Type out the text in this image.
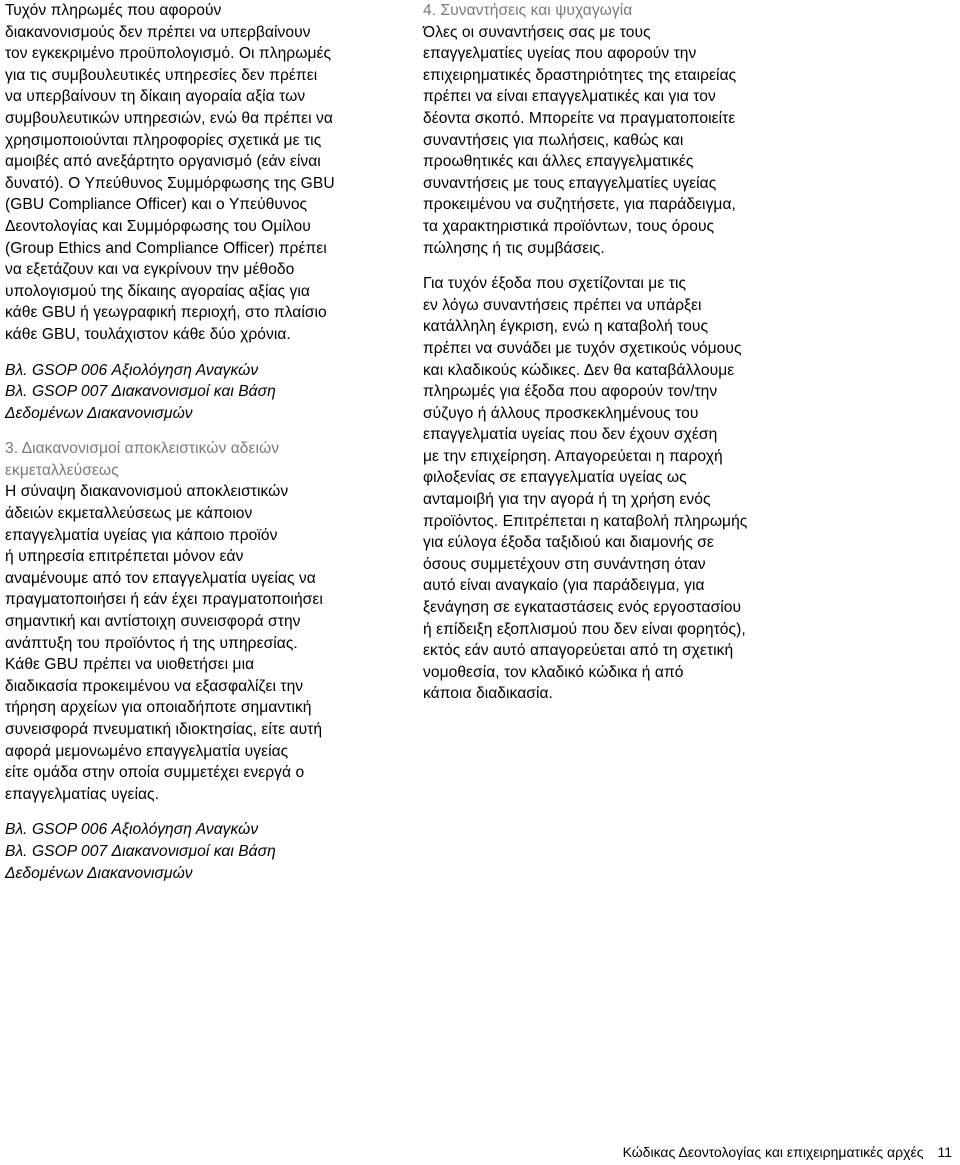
Τυχόν πληρωμές που αφορούν
διακανονισμούς δεν πρέπει να υπερβαίνουν
τον εγκεκριμένο προϋπολογισμό. Οι πληρωμές
για τις συμβουλευτικές υπηρεσίες δεν πρέπει
να υπερβαίνουν τη δίκαιη αγοραία αξία των
συμβουλευτικών υπηρεσιών, ενώ θα πρέπει να
χρησιμοποιούνται πληροφορίες σχετικά με τις
αμοιβές από ανεξάρτητο οργανισμό (εάν είναι
δυνατό). Ο Υπεύθυνος Συμμόρφωσης της GBU
(GBU Compliance Officer) και ο Υπεύθυνος
Δεοντολογίας και Συμμόρφωσης του Ομίλου
(Group Ethics and Compliance Officer) πρέπει
να εξετάζουν και να εγκρίνουν την μέθοδο
υπολογισμού της δίκαιης αγοραίας αξίας για
κάθε GBU ή γεωγραφική περιοχή, στο πλαίσιο
κάθε GBU, τουλάχιστον κάθε δύο χρόνια.
Βλ. GSOP 006 Αξιολόγηση Αναγκών
Βλ. GSOP 007 Διακανονισμοί και Βάση
Δεδομένων Διακανονισμών
3. Διακανονισμοί αποκλειστικών αδειών
εκμεταλλεύσεως
Η σύναψη διακανονισμού αποκλειστικών
άδειών εκμεταλλεύσεως με κάποιον
επαγγελματία υγείας για κάποιο προϊόν
ή υπηρεσία επιτρέπεται μόνον εάν
αναμένουμε από τον επαγγελματία υγείας να
πραγματοποιήσει ή εάν έχει πραγματοποιήσει
σημαντική και αντίστοιχη συνεισφορά στην
ανάπτυξη του προϊόντος ή της υπηρεσίας.
Κάθε GBU πρέπει να υιοθετήσει μια
διαδικασία προκειμένου να εξασφαλίζει την
τήρηση αρχείων για οποιαδήποτε σημαντική
συνεισφορά πνευματική ιδιοκτησίας, είτε αυτή
αφορά μεμονωμένο επαγγελματία υγείας
είτε ομάδα στην οποία συμμετέχει ενεργά ο
επαγγελματίας υγείας.
Βλ. GSOP 006 Αξιολόγηση Αναγκών
Βλ. GSOP 007 Διακανονισμοί και Βάση
Δεδομένων Διακανονισμών
4. Συναντήσεις και ψυχαγωγία
Όλες οι συναντήσεις σας με τους
επαγγελματίες υγείας που αφορούν την
επιχειρηματικές δραστηριότητες της εταιρείας
πρέπει να είναι επαγγελματικές και για τον
δέοντα σκοπό. Μπορείτε να πραγματοποιείτε
συναντήσεις για πωλήσεις, καθώς και
προωθητικές και άλλες επαγγελματικές
συναντήσεις με τους επαγγελματίες υγείας
προκειμένου να συζητήσετε, για παράδειγμα,
τα χαρακτηριστικά προϊόντων, τους όρους
πώλησης ή τις συμβάσεις.
Για τυχόν έξοδα που σχετίζονται με τις
εν λόγω συναντήσεις πρέπει να υπάρξει
κατάλληλη έγκριση, ενώ η καταβολή τους
πρέπει να συνάδει με τυχόν σχετικούς νόμους
και κλαδικούς κώδικες. Δεν θα καταβάλλουμε
πληρωμές για έξοδα που αφορούν τον/την
σύζυγο ή άλλους προσκεκλημένους του
επαγγελματία υγείας που δεν έχουν σχέση
με την επιχείρηση. Απαγορεύεται η παροχή
φιλοξενίας σε επαγγελματία υγείας ως
ανταμοιβή για την αγορά ή τη χρήση ενός
προϊόντος. Επιτρέπεται η καταβολή πληρωμής
για εύλογα έξοδα ταξιδιού και διαμονής σε
όσους συμμετέχουν στη συνάντηση όταν
αυτό είναι αναγκαίο (για παράδειγμα, για
ξενάγηση σε εγκαταστάσεις ενός εργοστασίου
ή επίδειξη εξοπλισμού που δεν είναι φορητός),
εκτός εάν αυτό απαγορεύεται από τη σχετική
νομοθεσία, τον κλαδικό κώδικα ή από
κάποια διαδικασία.
Κώδικας Δεοντολογίας και επιχειρηματικές αρχές 11
